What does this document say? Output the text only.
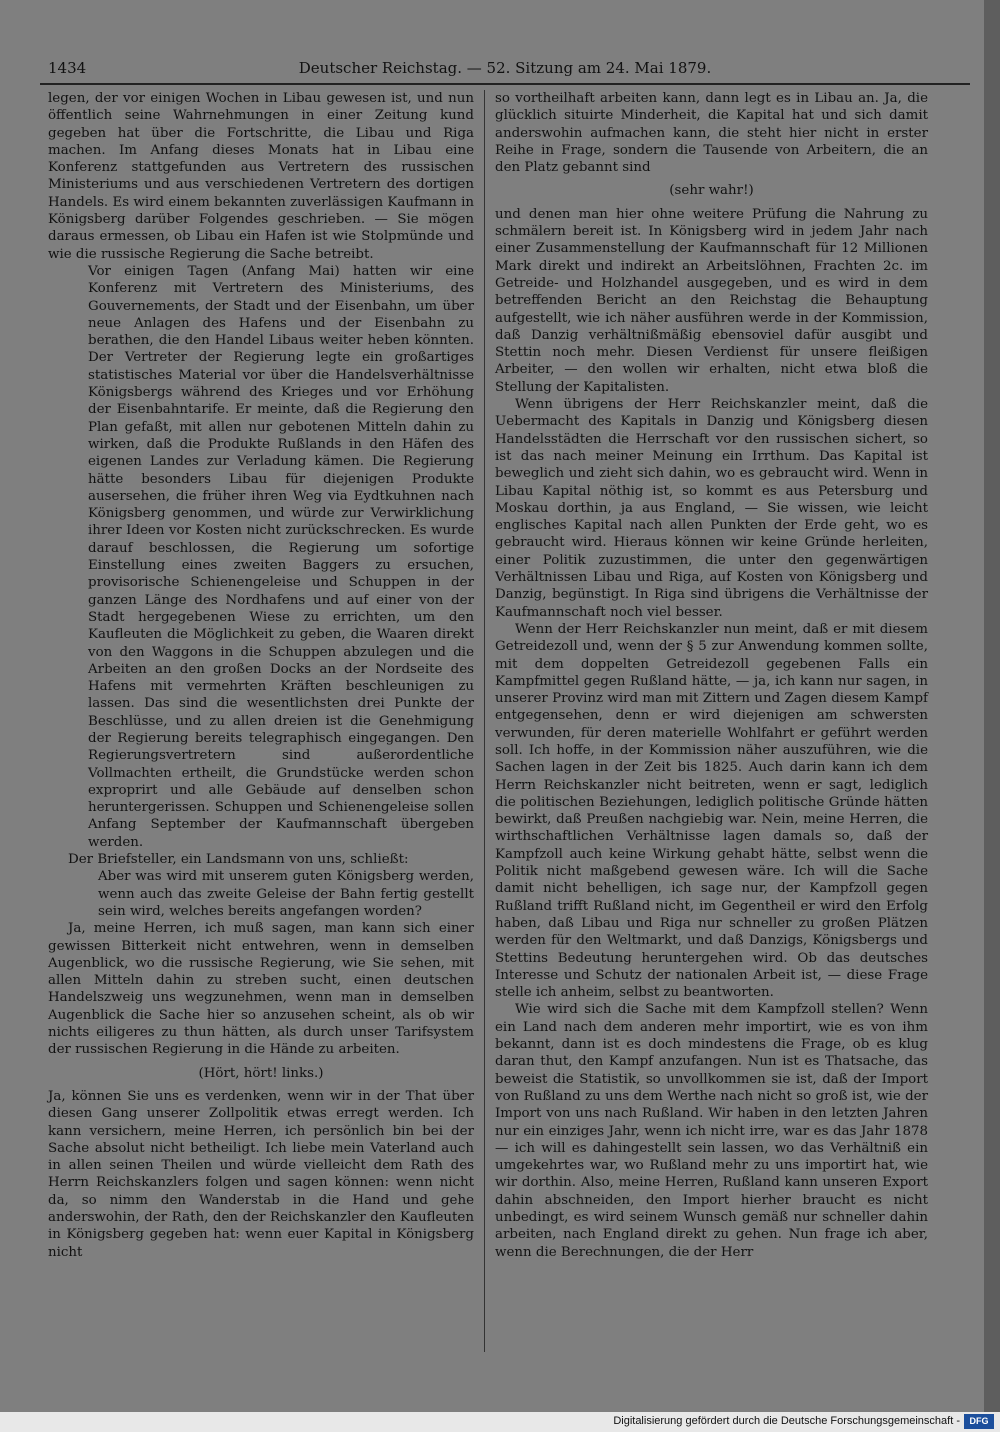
1434	Deutscher Reichstag. — 52. Sitzung am 24. Mai 1879.

legen, der vor einigen Wochen in Libau gewesen ist, und nun öffentlich seine Wahrnehmungen in einer Zeitung kund gegeben hat über die Fortschritte, die Libau und Riga machen. Im Anfang dieses Monats hat in Libau eine Konferenz stattgefunden aus Vertretern des russischen Ministeriums und aus verschiedenen Vertretern des dortigen Handels. Es wird einem bekannten zuverlässigen Kaufmann in Königsberg darüber Folgendes geschrieben. — Sie mögen daraus ermessen, ob Libau ein Hafen ist wie Stolpmünde und wie die russische Regierung die Sache betreibt.

Vor einigen Tagen (Anfang Mai) hatten wir eine Konferenz mit Vertretern des Ministeriums, des Gouvernements, der Stadt und der Eisenbahn, um über neue Anlagen des Hafens und der Eisenbahn zu berathen, die den Handel Libaus weiter heben könnten. Der Vertreter der Regierung legte ein großartiges statistisches Material vor über die Handelsverhältnisse Königsbergs während des Krieges und vor Erhöhung der Eisenbahntarife. Er meinte, daß die Regierung den Plan gefaßt, mit allen nur gebotenen Mitteln dahin zu wirken, daß die Produkte Rußlands in den Häfen des eigenen Landes zur Verladung kämen. Die Regierung hätte besonders Libau für diejenigen Produkte ausersehen, die früher ihren Weg via Eydtkuhnen nach Königsberg genommen, und würde zur Verwirklichung ihrer Ideen vor Kosten nicht zurückschrecken. Es wurde darauf beschlossen, die Regierung um sofortige Einstellung eines zweiten Baggers zu ersuchen, provisorische Schienengeleise und Schuppen in der ganzen Länge des Nordhafens und auf einer von der Stadt hergegebenen Wiese zu errichten, um den Kaufleuten die Möglichkeit zu geben, die Waaren direkt von den Waggons in die Schuppen abzulegen und die Arbeiten an den großen Docks an der Nordseite des Hafens mit vermehrten Kräften beschleunigen zu lassen. Das sind die wesentlichsten drei Punkte der Beschlüsse, und zu allen dreien ist die Genehmigung der Regierung bereits telegraphisch eingegangen. Den Regierungsvertretern sind außerordentliche Vollmachten ertheilt, die Grundstücke werden schon exproprirt und alle Gebäude auf denselben schon heruntergerissen. Schuppen und Schienengeleise sollen Anfang September der Kaufmannschaft übergeben werden.

Der Briefsteller, ein Landsmann von uns, schließt:

Aber was wird mit unserem guten Königsberg werden, wenn auch das zweite Geleise der Bahn fertig gestellt sein wird, welches bereits angefangen worden?

Ja, meine Herren, ich muß sagen, man kann sich einer gewissen Bitterkeit nicht entwehren, wenn in demselben Augenblick, wo die russische Regierung, wie Sie sehen, mit allen Mitteln dahin zu streben sucht, einen deutschen Handelszweig uns wegzunehmen, wenn man in demselben Augenblick die Sache hier so anzusehen scheint, als ob wir nichts eiligeres zu thun hätten, als durch unser Tarifsystem der russischen Regierung in die Hände zu arbeiten.

(Hört, hört! links.)

Ja, können Sie uns es verdenken, wenn wir in der That über diesen Gang unserer Zollpolitik etwas erregt werden. Ich kann versichern, meine Herren, ich persönlich bin bei der Sache absolut nicht betheiligt. Ich liebe mein Vaterland auch in allen seinen Theilen und würde vielleicht dem Rath des Herrn Reichskanzlers folgen und sagen können: wenn nicht da, so nimm den Wanderstab in die Hand und gehe anderswohin, der Rath, den der Reichskanzler den Kaufleuten in Königsberg gegeben hat: wenn euer Kapital in Königsberg nicht

so vortheilhaft arbeiten kann, dann legt es in Libau an. Ja, die glücklich situirte Minderheit, die Kapital hat und sich damit anderswohin aufmachen kann, die steht hier nicht in erster Reihe in Frage, sondern die Tausende von Arbeitern, die an den Platz gebannt sind

(sehr wahr!)

und denen man hier ohne weitere Prüfung die Nahrung zu schmälern bereit ist. In Königsberg wird in jedem Jahr nach einer Zusammenstellung der Kaufmannschaft für 12 Millionen Mark direkt und indirekt an Arbeitslöhnen, Frachten 2c. im Getreide- und Holzhandel ausgegeben, und es wird in dem betreffenden Bericht an den Reichstag die Behauptung aufgestellt, wie ich näher ausführen werde in der Kommission, daß Danzig verhältnißmäßig ebensoviel dafür ausgibt und Stettin noch mehr. Diesen Verdienst für unsere fleißigen Arbeiter, — den wollen wir erhalten, nicht etwa bloß die Stellung der Kapitalisten.

Wenn übrigens der Herr Reichskanzler meint, daß die Uebermacht des Kapitals in Danzig und Königsberg diesen Handelsstädten die Herrschaft vor den russischen sichert, so ist das nach meiner Meinung ein Irrthum. Das Kapital ist beweglich und zieht sich dahin, wo es gebraucht wird. Wenn in Libau Kapital nöthig ist, so kommt es aus Petersburg und Moskau dorthin, ja aus England, — Sie wissen, wie leicht englisches Kapital nach allen Punkten der Erde geht, wo es gebraucht wird. Hieraus können wir keine Gründe herleiten, einer Politik zuzustimmen, die unter den gegenwärtigen Verhältnissen Libau und Riga, auf Kosten von Königsberg und Danzig, begünstigt. In Riga sind übrigens die Verhältnisse der Kaufmannschaft noch viel besser.

Wenn der Herr Reichskanzler nun meint, daß er mit diesem Getreidezoll und, wenn der § 5 zur Anwendung kommen sollte, mit dem doppelten Getreidezoll gegebenen Falls ein Kampfmittel gegen Rußland hätte, — ja, ich kann nur sagen, in unserer Provinz wird man mit Zittern und Zagen diesem Kampf entgegensehen, denn er wird diejenigen am schwersten verwunden, für deren materielle Wohlfahrt er geführt werden soll. Ich hoffe, in der Kommission näher auszuführen, wie die Sachen lagen in der Zeit bis 1825. Auch darin kann ich dem Herrn Reichskanzler nicht beitreten, wenn er sagt, lediglich die politischen Beziehungen, lediglich politische Gründe hätten bewirkt, daß Preußen nachgiebig war. Nein, meine Herren, die wirthschaftlichen Verhältnisse lagen damals so, daß der Kampfzoll auch keine Wirkung gehabt hätte, selbst wenn die Politik nicht maßgebend gewesen wäre. Ich will die Sache damit nicht behelligen, ich sage nur, der Kampfzoll gegen Rußland trifft Rußland nicht, im Gegentheil er wird den Erfolg haben, daß Libau und Riga nur schneller zu großen Plätzen werden für den Weltmarkt, und daß Danzigs, Königsbergs und Stettins Bedeutung heruntergehen wird. Ob das deutsches Interesse und Schutz der nationalen Arbeit ist, — diese Frage stelle ich anheim, selbst zu beantworten.

Wie wird sich die Sache mit dem Kampfzoll stellen? Wenn ein Land nach dem anderen mehr importirt, wie es von ihm bekannt, dann ist es doch mindestens die Frage, ob es klug daran thut, den Kampf anzufangen. Nun ist es Thatsache, das beweist die Statistik, so unvollkommen sie ist, daß der Import von Rußland zu uns dem Werthe nach nicht so groß ist, wie der Import von uns nach Rußland. Wir haben in den letzten Jahren nur ein einziges Jahr, wenn ich nicht irre, war es das Jahr 1878 — ich will es dahingestellt sein lassen, wo das Verhältniß ein umgekehrtes war, wo Rußland mehr zu uns importirt hat, wie wir dorthin. Also, meine Herren, Rußland kann unseren Export dahin abschneiden, den Import hierher braucht es nicht unbedingt, es wird seinem Wunsch gemäß nur schneller dahin arbeiten, nach England direkt zu gehen. Nun frage ich aber, wenn die Berechnungen, die der Herr

Digitalisierung gefördert durch die Deutsche Forschungsgemeinschaft -	DFG
